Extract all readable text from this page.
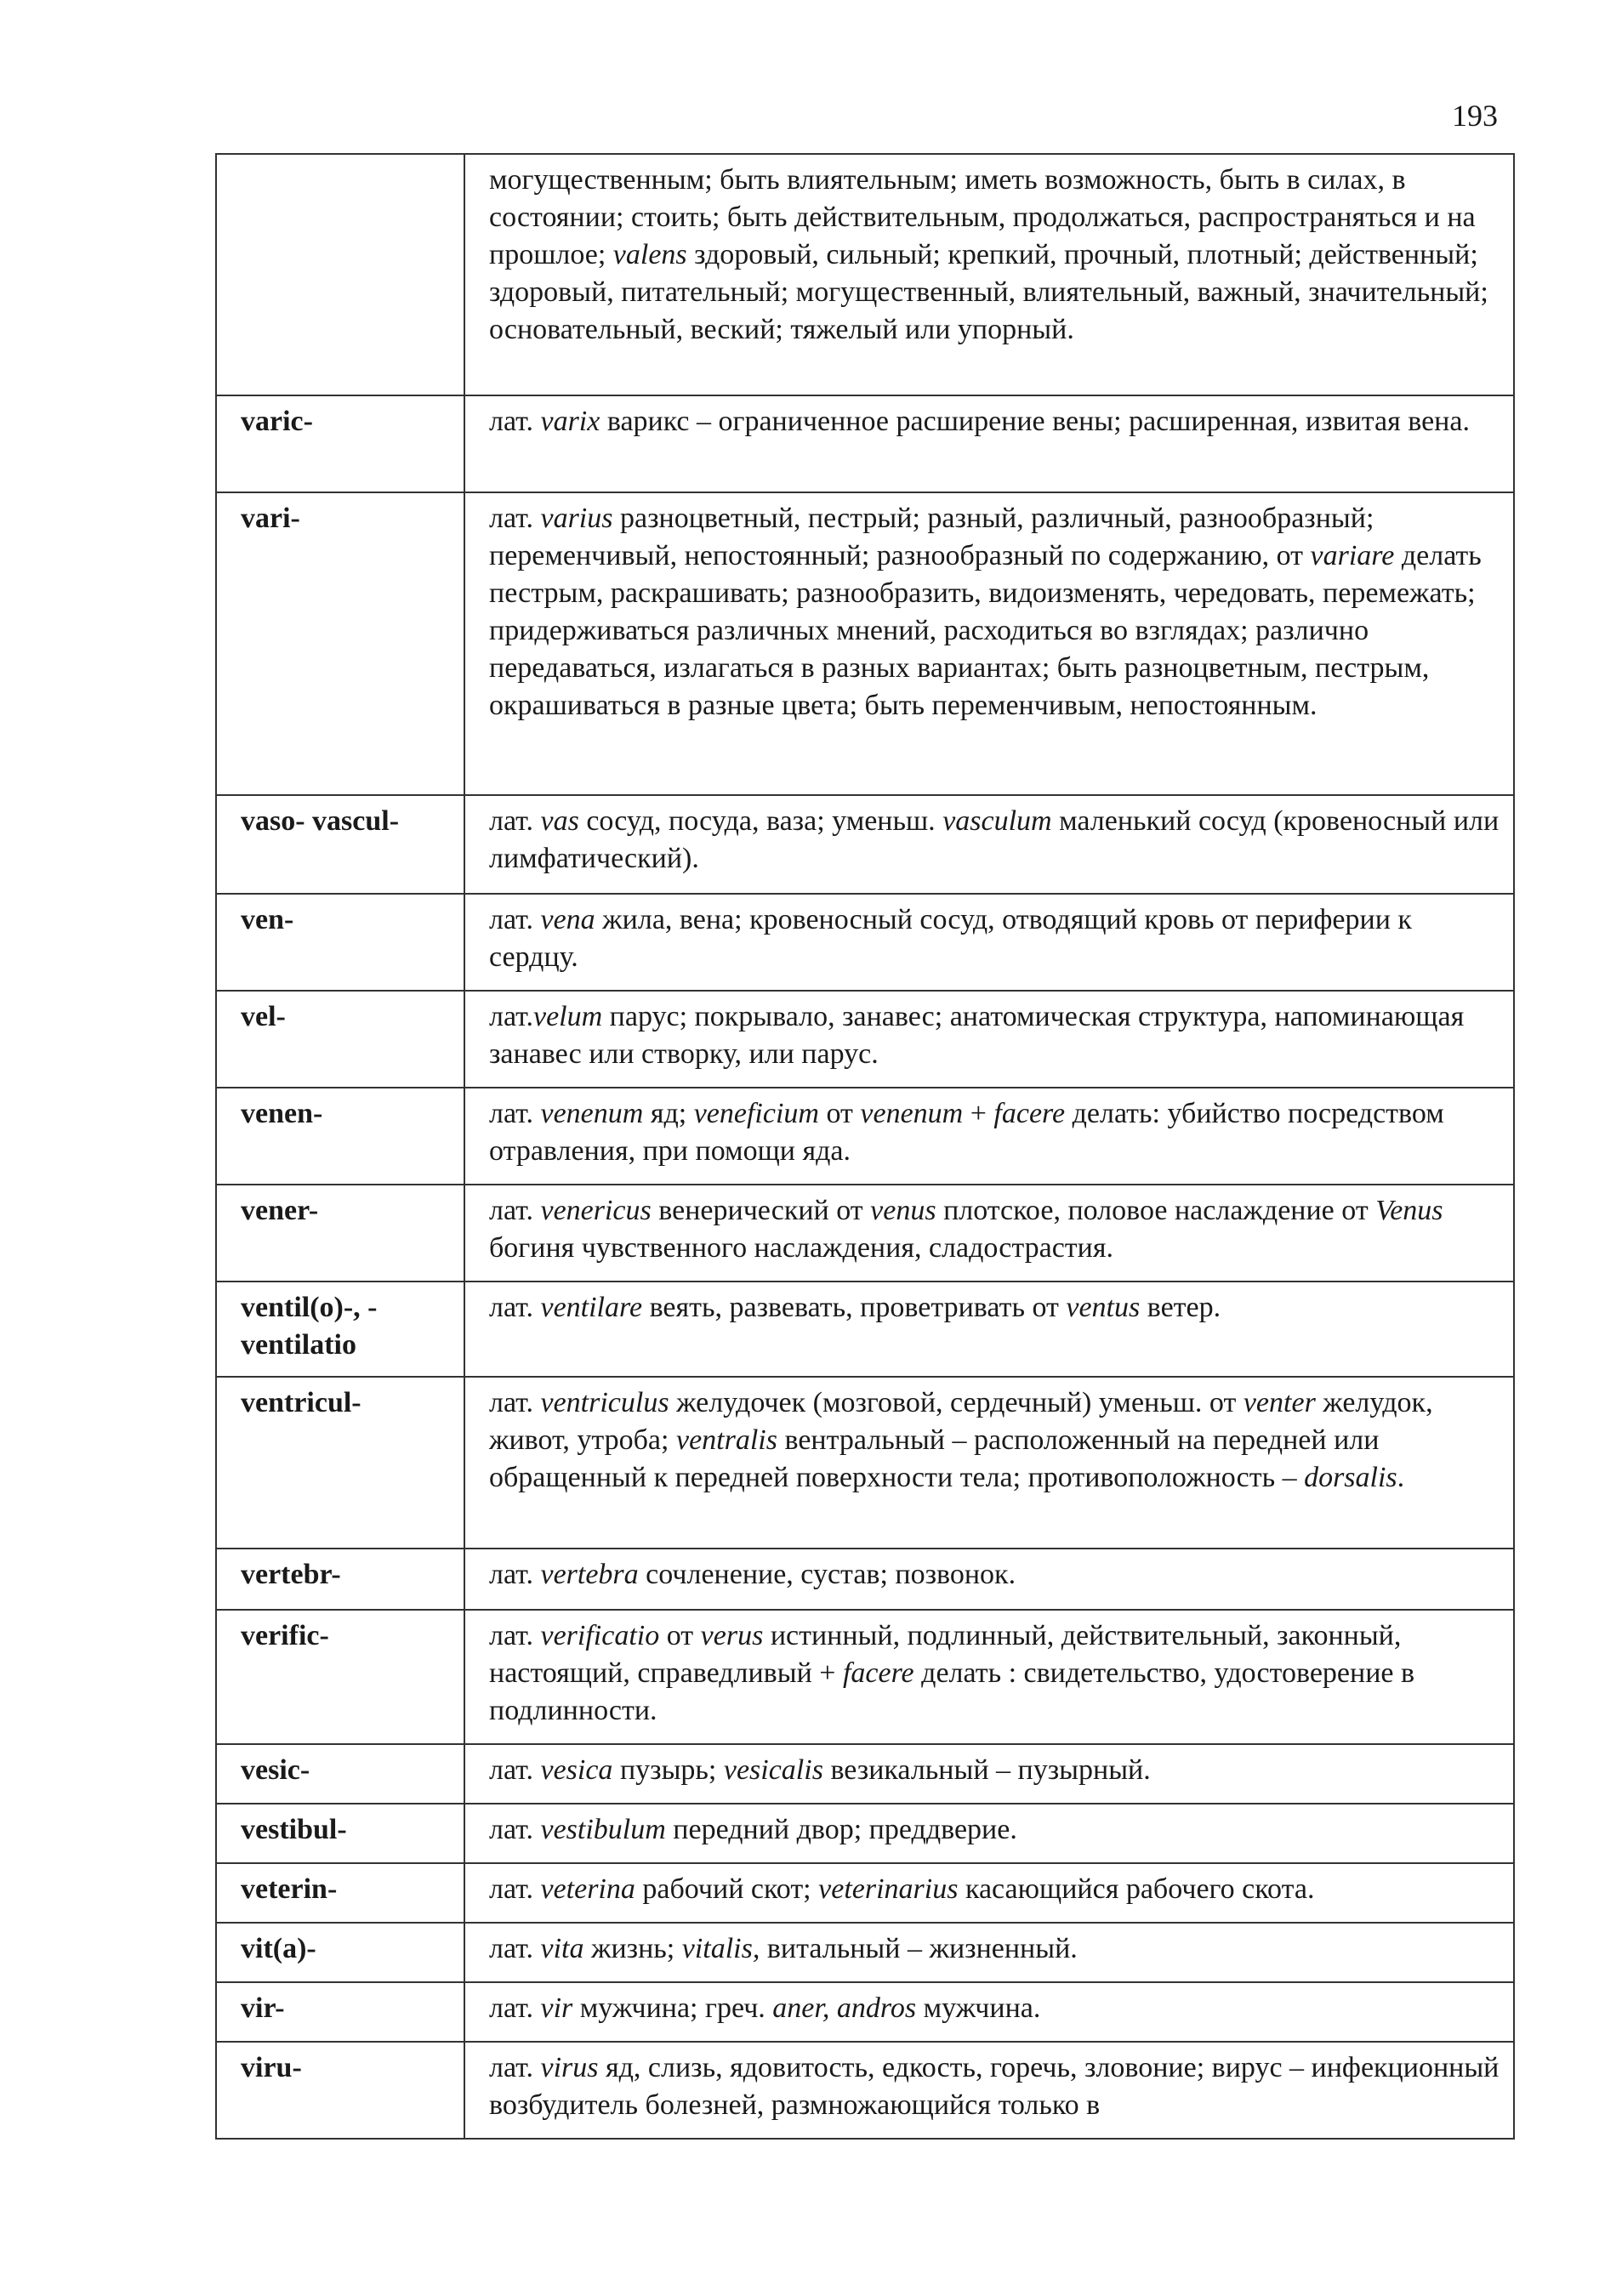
193
	могущественным; быть влиятельным; иметь возможность, быть в силах, в состоянии; стоить; быть действительным, продолжаться, распространяться и на прошлое; valens здоровый, сильный; крепкий, прочный, плотный; действенный; здоровый, питательный; могущественный, влиятельный, важный, значительный; основательный, веский; тяжелый или упорный.
varic-	лат. varix варикс – ограниченное расширение вены; расширенная, извитая вена.
vari-	лат. varius разноцветный, пестрый; разный, различный, разнообразный; переменчивый, непостоянный; разнообразный по содержанию, от variare делать пестрым, раскрашивать; разнообразить, видоизменять, чередовать, перемежать; придерживаться различных мнений, расходиться во взглядах; различно передаваться, излагаться в разных вариантах; быть разноцветным, пестрым, окрашиваться в разные цвета; быть переменчивым, непостоянным.
vaso- vascul-	лат. vas сосуд, посуда, ваза; уменьш. vasculum маленький сосуд (кровеносный или лимфатический).
ven-	лат. vena жила, вена; кровеносный сосуд, отводящий кровь от периферии к сердцу.
vel-	лат.velum парус; покрывало, занавес; анатомическая структура, напоминающая занавес или створку, или парус.
venen-	лат. venenum яд; veneficium от venenum + facere делать: убийство посредством отравления, при помощи яда.
vener-	лат. venericus венерический от venus плотское, половое наслаждение от Venus богиня чувственного наслаждения, сладострастия.
ventil(o)-, - ventilatio	лат. ventilare веять, развевать, проветривать от ventus ветер.
ventricul-	лат. ventriculus желудочек (мозговой, сердечный) уменьш. от venter желудок, живот, утроба; ventralis вентральный – расположенный на передней или обращенный к передней поверхности тела; противоположность – dorsalis.
vertebr-	лат. vertebra сочленение, сустав; позвонок.
verific-	лат. verificatio от verus истинный, подлинный, действительный, законный, настоящий, справедливый + facere делать : свидетельство, удостоверение в подлинности.
vesic-	лат. vesica пузырь; vesicalis везикальный – пузырный.
vestibul-	лат. vestibulum передний двор; преддверие.
veterin-	лат. veterina рабочий скот; veterinarius касающийся рабочего скота.
vit(a)-	лат. vita жизнь; vitalis, витальный – жизненный.
vir-	лат. vir мужчина; греч. aner, andros мужчина.
viru-	лат. virus яд, слизь, ядовитость, едкость, горечь, зловоние; вирус – инфекционный возбудитель болезней, размножающийся только в
